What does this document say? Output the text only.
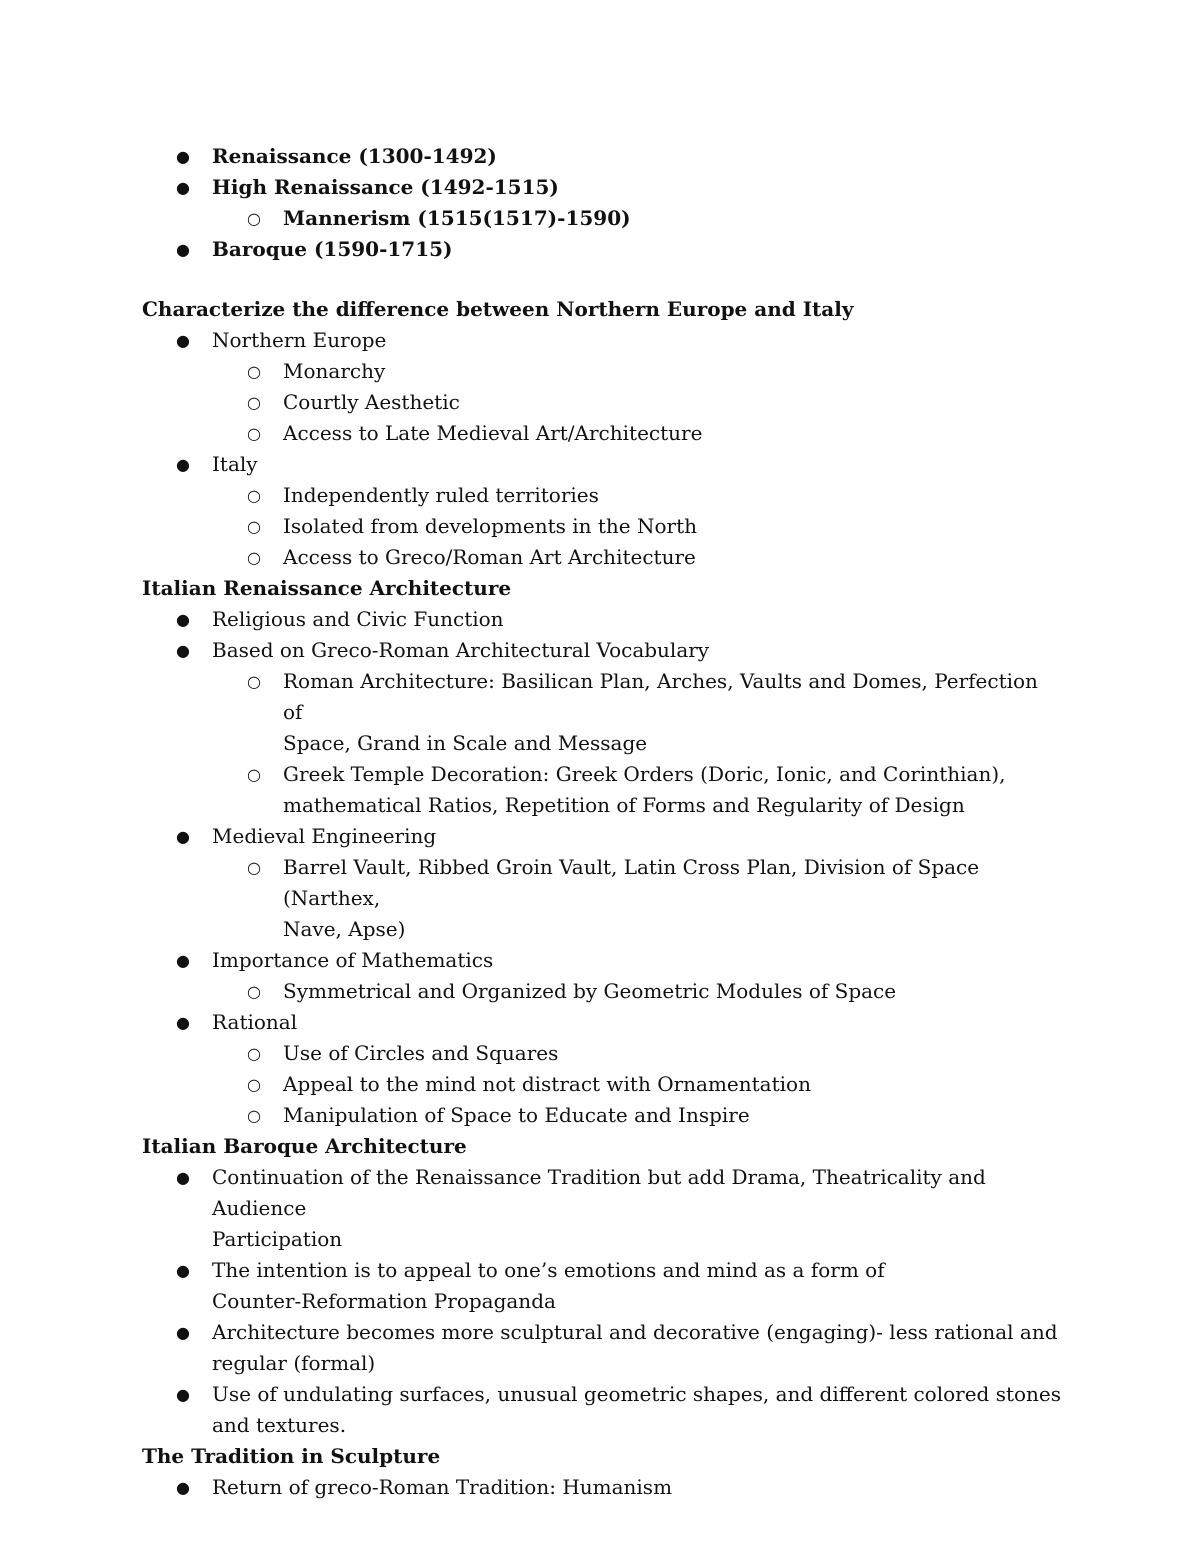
● Renaissance (1300-1492)
● High Renaissance (1492-1515)
○ Mannerism (1515(1517)-1590)
● Baroque (1590-1715)
Characterize the difference between Northern Europe and Italy
● Northern Europe
○ Monarchy
○ Courtly Aesthetic
○ Access to Late Medieval Art/Architecture
● Italy
○ Independently ruled territories
○ Isolated from developments in the North
○ Access to Greco/Roman Art Architecture
Italian Renaissance Architecture
● Religious and Civic Function
● Based on Greco-Roman Architectural Vocabulary
○ Roman Architecture: Basilican Plan, Arches, Vaults and Domes, Perfection of
Space, Grand in Scale and Message
○ Greek Temple Decoration: Greek Orders (Doric, Ionic, and Corinthian),
mathematical Ratios, Repetition of Forms and Regularity of Design
● Medieval Engineering
○ Barrel Vault, Ribbed Groin Vault, Latin Cross Plan, Division of Space (Narthex,
Nave, Apse)
● Importance of Mathematics
○ Symmetrical and Organized by Geometric Modules of Space
● Rational
○ Use of Circles and Squares
○ Appeal to the mind not distract with Ornamentation
○ Manipulation of Space to Educate and Inspire
Italian Baroque Architecture
● Continuation of the Renaissance Tradition but add Drama, Theatricality and Audience
Participation
● The intention is to appeal to one’s emotions and mind as a form of
Counter-Reformation Propaganda
● Architecture becomes more sculptural and decorative (engaging)- less rational and
regular (formal)
● Use of undulating surfaces, unusual geometric shapes, and different colored stones
and textures.
The Tradition in Sculpture
● Return of greco-Roman Tradition: Humanism
